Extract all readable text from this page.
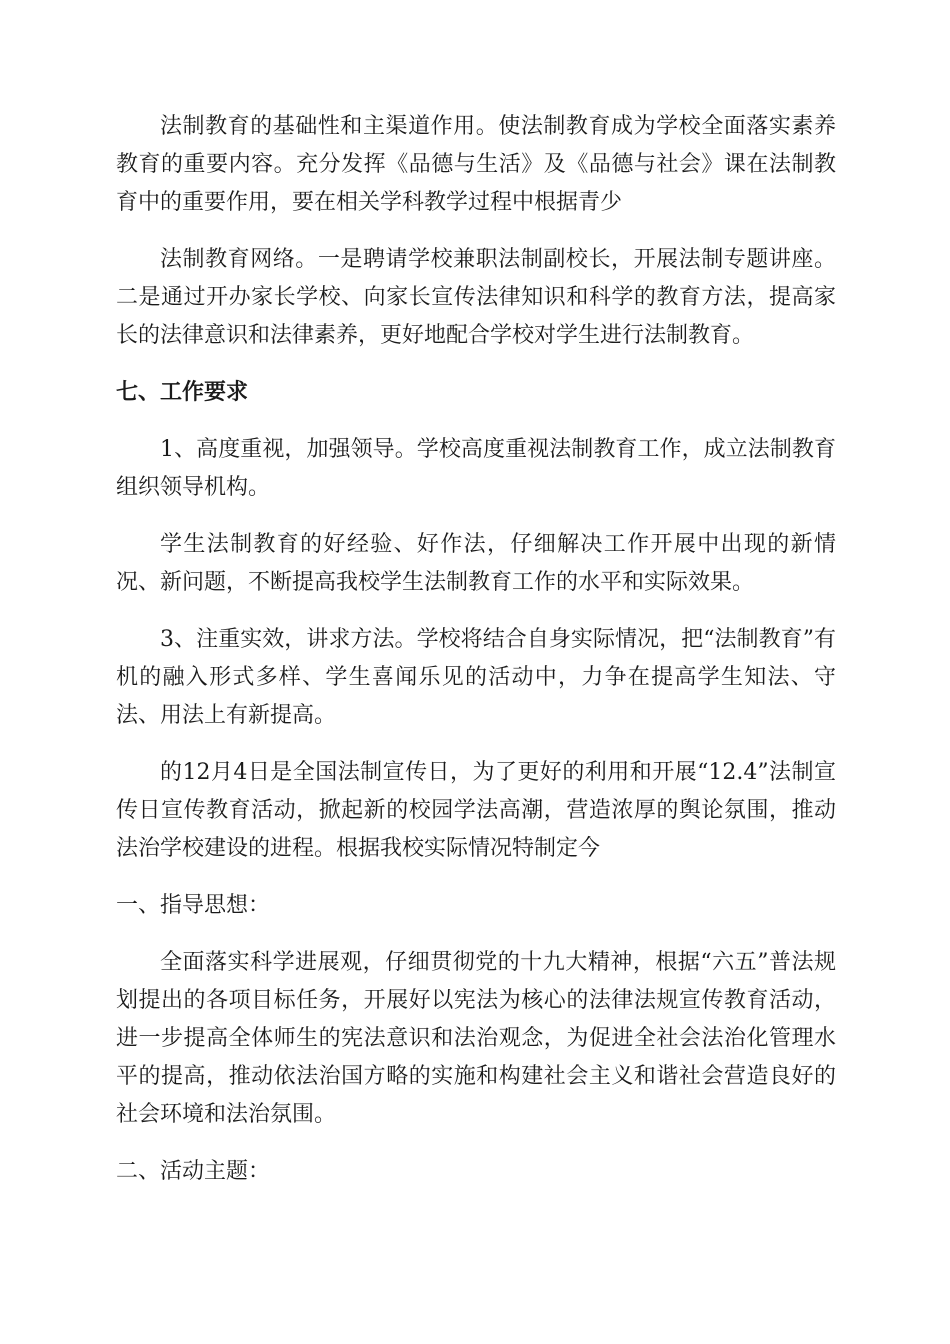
法制教育的基础性和主渠道作用。使法制教育成为学校全面落实素养教育的重要内容。充分发挥《品德与生活》及《品德与社会》课在法制教育中的重要作用，要在相关学科教学过程中根据青少

法制教育网络。一是聘请学校兼职法制副校长，开展法制专题讲座。二是通过开办家长学校、向家长宣传法律知识和科学的教育方法，提高家长的法律意识和法律素养，更好地配合学校对学生进行法制教育。

七、工作要求

1、高度重视，加强领导。学校高度重视法制教育工作，成立法制教育组织领导机构。

学生法制教育的好经验、好作法，仔细解决工作开展中出现的新情况、新问题，不断提高我校学生法制教育工作的水平和实际效果。

3、注重实效，讲求方法。学校将结合自身实际情况，把“法制教育”有机的融入形式多样、学生喜闻乐见的活动中，力争在提高学生知法、守法、用法上有新提高。

的12月4日是全国法制宣传日，为了更好的利用和开展“12.4”法制宣传日宣传教育活动，掀起新的校园学法高潮，营造浓厚的舆论氛围，推动法治学校建设的进程。根据我校实际情况特制定今

一、指导思想：

全面落实科学进展观，仔细贯彻党的十九大精神，根据“六五”普法规划提出的各项目标任务，开展好以宪法为核心的法律法规宣传教育活动，进一步提高全体师生的宪法意识和法治观念，为促进全社会法治化管理水平的提高，推动依法治国方略的实施和构建社会主义和谐社会营造良好的社会环境和法治氛围。

二、活动主题：
